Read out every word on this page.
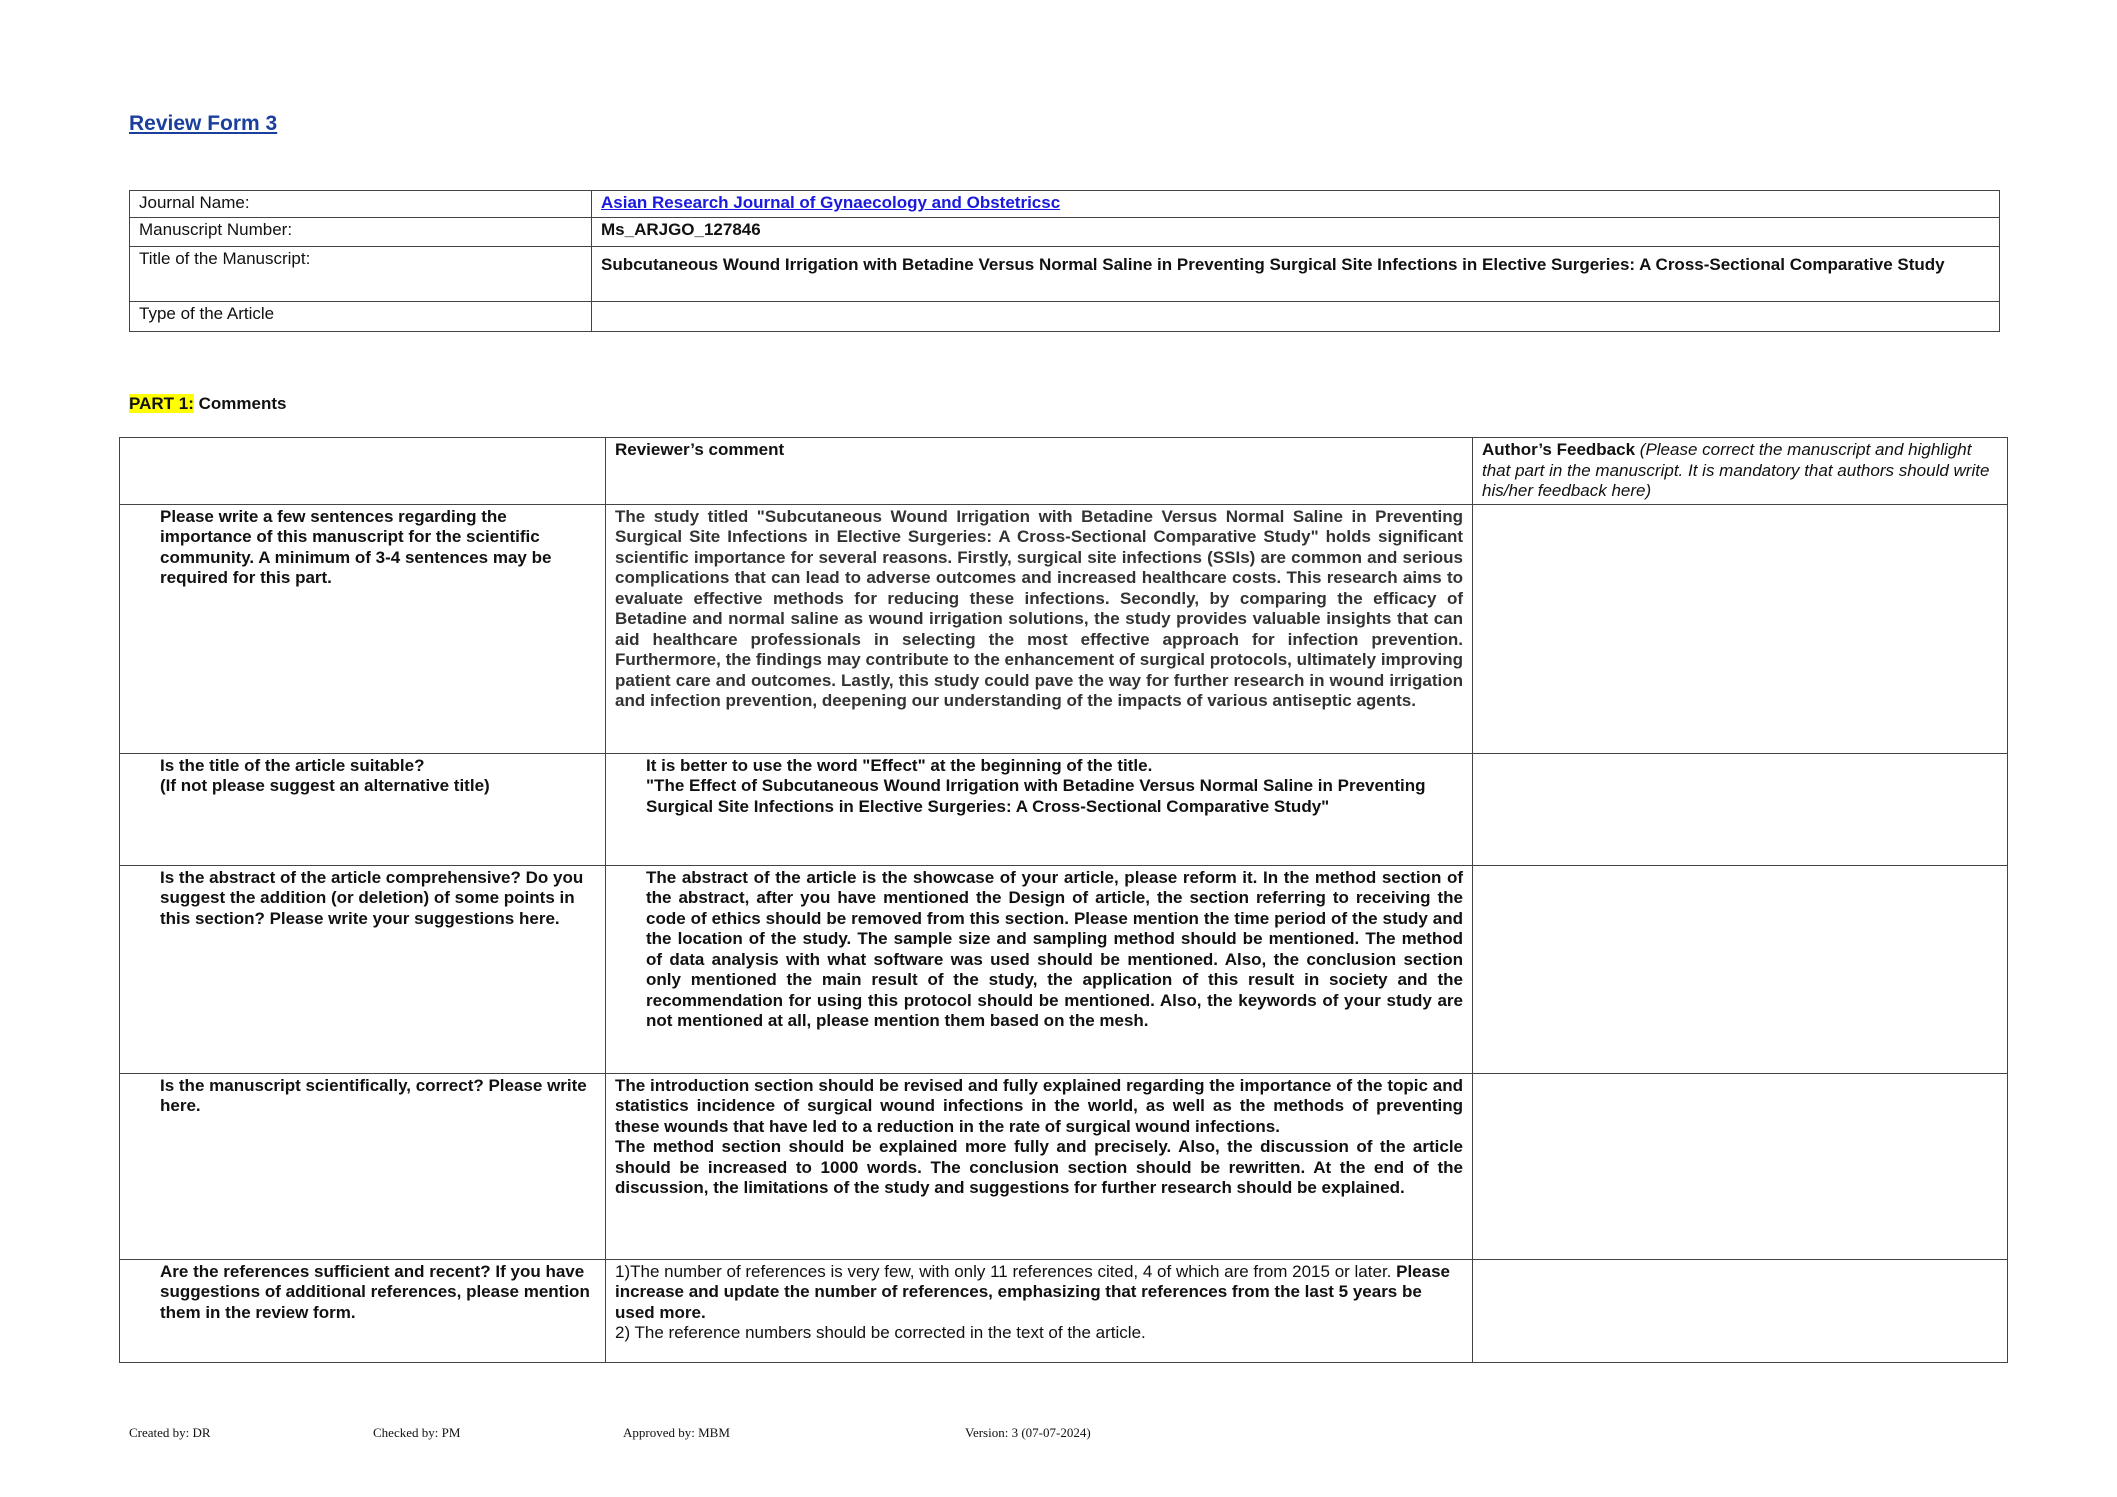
Review Form 3
Journal Name:	Asian Research Journal of Gynaecology and Obstetricsc
Manuscript Number:	Ms_ARJGO_127846
Title of the Manuscript:	Subcutaneous Wound Irrigation with Betadine Versus Normal Saline in Preventing Surgical Site Infections in Elective Surgeries: A Cross-Sectional Comparative Study
Type of the Article	
PART 1: Comments
	Reviewer’s comment	Author’s Feedback (Please correct the manuscript and highlight that part in the manuscript. It is mandatory that authors should write his/her feedback here)
Please write a few sentences regarding the importance of this manuscript for the scientific community. A minimum of 3-4 sentences may be required for this part.	The study titled "Subcutaneous Wound Irrigation with Betadine Versus Normal Saline in Preventing Surgical Site Infections in Elective Surgeries: A Cross-Sectional Comparative Study" holds significant scientific importance for several reasons. Firstly, surgical site infections (SSIs) are common and serious complications that can lead to adverse outcomes and increased healthcare costs. This research aims to evaluate effective methods for reducing these infections. Secondly, by comparing the efficacy of Betadine and normal saline as wound irrigation solutions, the study provides valuable insights that can aid healthcare professionals in selecting the most effective approach for infection prevention. Furthermore, the findings may contribute to the enhancement of surgical protocols, ultimately improving patient care and outcomes. Lastly, this study could pave the way for further research in wound irrigation and infection prevention, deepening our understanding of the impacts of various antiseptic agents.	
Is the title of the article suitable?
(If not please suggest an alternative title)	It is better to use the word "Effect" at the beginning of the title.
"The Effect of Subcutaneous Wound Irrigation with Betadine Versus Normal Saline in Preventing Surgical Site Infections in Elective Surgeries: A Cross-Sectional Comparative Study"	
Is the abstract of the article comprehensive? Do you suggest the addition (or deletion) of some points in this section? Please write your suggestions here.	The abstract of the article is the showcase of your article, please reform it. In the method section of the abstract, after you have mentioned the Design of article, the section referring to receiving the code of ethics should be removed from this section. Please mention the time period of the study and the location of the study. The sample size and sampling method should be mentioned. The method of data analysis with what software was used should be mentioned. Also, the conclusion section only mentioned the main result of the study, the application of this result in society and the recommendation for using this protocol should be mentioned. Also, the keywords of your study are not mentioned at all, please mention them based on the mesh.	
Is the manuscript scientifically, correct? Please write here.	The introduction section should be revised and fully explained regarding the importance of the topic and statistics incidence of surgical wound infections in the world, as well as the methods of preventing these wounds that have led to a reduction in the rate of surgical wound infections.
The method section should be explained more fully and precisely. Also, the discussion of the article should be increased to 1000 words. The conclusion section should be rewritten. At the end of the discussion, the limitations of the study and suggestions for further research should be explained.	
Are the references sufficient and recent? If you have suggestions of additional references, please mention them in the review form.	1)The number of references is very few, with only 11 references cited, 4 of which are from 2015 or later. Please increase and update the number of references, emphasizing that references from the last 5 years be used more.
2) The reference numbers should be corrected in the text of the article.	
Created by: DR	Checked by: PM	Approved by: MBM	Version: 3 (07-07-2024)
